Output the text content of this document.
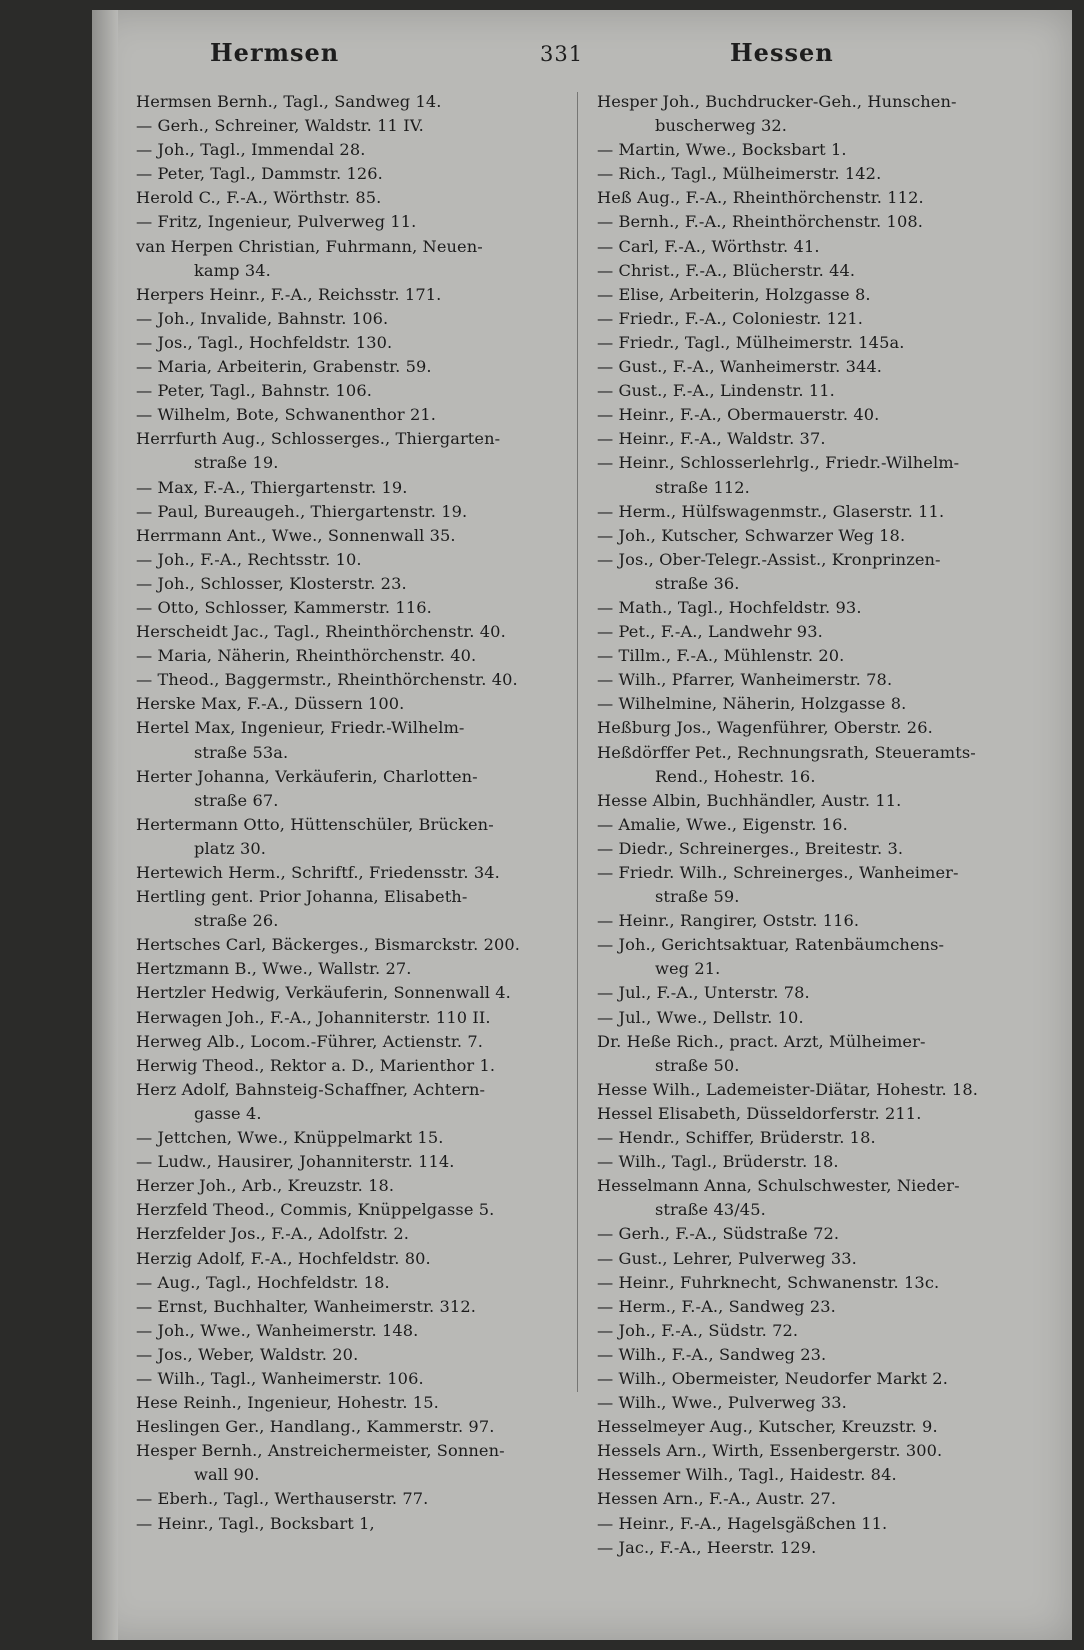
Hermsen	331	Hessen
Hermsen Bernh., Tagl., Sandweg 14.
— Gerh., Schreiner, Waldstr. 11 IV.
— Joh., Tagl., Immendal 28.
— Peter, Tagl., Dammstr. 126.
Herold C., F.-A., Wörthstr. 85.
— Fritz, Ingenieur, Pulverweg 11.
van Herpen Christian, Fuhrmann, Neuen-
kamp 34.
Herpers Heinr., F.-A., Reichsstr. 171.
— Joh., Invalide, Bahnstr. 106.
— Jos., Tagl., Hochfeldstr. 130.
— Maria, Arbeiterin, Grabenstr. 59.
— Peter, Tagl., Bahnstr. 106.
— Wilhelm, Bote, Schwanenthor 21.
Herrfurth Aug., Schlosserges., Thiergarten-
straße 19.
— Max, F.-A., Thiergartenstr. 19.
— Paul, Bureaugeh., Thiergartenstr. 19.
Herrmann Ant., Wwe., Sonnenwall 35.
— Joh., F.-A., Rechtsstr. 10.
— Joh., Schlosser, Klosterstr. 23.
— Otto, Schlosser, Kammerstr. 116.
Herscheidt Jac., Tagl., Rheinthörchenstr. 40.
— Maria, Näherin, Rheinthörchenstr. 40.
— Theod., Baggermstr., Rheinthörchenstr. 40.
Herske Max, F.-A., Düssern 100.
Hertel Max, Ingenieur, Friedr.-Wilhelm-
straße 53a.
Herter Johanna, Verkäuferin, Charlotten-
straße 67.
Hertermann Otto, Hüttenschüler, Brücken-
platz 30.
Hertewich Herm., Schriftf., Friedensstr. 34.
Hertling gent. Prior Johanna, Elisabeth-
straße 26.
Hertsches Carl, Bäckerges., Bismarckstr. 200.
Hertzmann B., Wwe., Wallstr. 27.
Hertzler Hedwig, Verkäuferin, Sonnenwall 4.
Herwagen Joh., F.-A., Johanniterstr. 110 II.
Herweg Alb., Locom.-Führer, Actienstr. 7.
Herwig Theod., Rektor a. D., Marienthor 1.
Herz Adolf, Bahnsteig-Schaffner, Achtern-
gasse 4.
— Jettchen, Wwe., Knüppelmarkt 15.
— Ludw., Hausirer, Johanniterstr. 114.
Herzer Joh., Arb., Kreuzstr. 18.
Herzfeld Theod., Commis, Knüppelgasse 5.
Herzfelder Jos., F.-A., Adolfstr. 2.
Herzig Adolf, F.-A., Hochfeldstr. 80.
— Aug., Tagl., Hochfeldstr. 18.
— Ernst, Buchhalter, Wanheimerstr. 312.
— Joh., Wwe., Wanheimerstr. 148.
— Jos., Weber, Waldstr. 20.
— Wilh., Tagl., Wanheimerstr. 106.
Hese Reinh., Ingenieur, Hohestr. 15.
Heslingen Ger., Handlang., Kammerstr. 97.
Hesper Bernh., Anstreichermeister, Sonnen-
wall 90.
— Eberh., Tagl., Werthauserstr. 77.
— Heinr., Tagl., Bocksbart 1,
Hesper Joh., Buchdrucker-Geh., Hunschen-
buscherweg 32.
— Martin, Wwe., Bocksbart 1.
— Rich., Tagl., Mülheimerstr. 142.
Heß Aug., F.-A., Rheinthörchenstr. 112.
— Bernh., F.-A., Rheinthörchenstr. 108.
— Carl, F.-A., Wörthstr. 41.
— Christ., F.-A., Blücherstr. 44.
— Elise, Arbeiterin, Holzgasse 8.
— Friedr., F.-A., Coloniestr. 121.
— Friedr., Tagl., Mülheimerstr. 145a.
— Gust., F.-A., Wanheimerstr. 344.
— Gust., F.-A., Lindenstr. 11.
— Heinr., F.-A., Obermauerstr. 40.
— Heinr., F.-A., Waldstr. 37.
— Heinr., Schlosserlehrlg., Friedr.-Wilhelm-
straße 112.
— Herm., Hülfswagenmstr., Glaserstr. 11.
— Joh., Kutscher, Schwarzer Weg 18.
— Jos., Ober-Telegr.-Assist., Kronprinzen-
straße 36.
— Math., Tagl., Hochfeldstr. 93.
— Pet., F.-A., Landwehr 93.
— Tillm., F.-A., Mühlenstr. 20.
— Wilh., Pfarrer, Wanheimerstr. 78.
— Wilhelmine, Näherin, Holzgasse 8.
Heßburg Jos., Wagenführer, Oberstr. 26.
Heßdörffer Pet., Rechnungsrath, Steueramts-
Rend., Hohestr. 16.
Hesse Albin, Buchhändler, Austr. 11.
— Amalie, Wwe., Eigenstr. 16.
— Diedr., Schreinerges., Breitestr. 3.
— Friedr. Wilh., Schreinerges., Wanheimer-
straße 59.
— Heinr., Rangirer, Oststr. 116.
— Joh., Gerichtsaktuar, Ratenbäumchens-
weg 21.
— Jul., F.-A., Unterstr. 78.
— Jul., Wwe., Dellstr. 10.
Dr. Heße Rich., pract. Arzt, Mülheimer-
straße 50.
Hesse Wilh., Lademeister-Diätar, Hohestr. 18.
Hessel Elisabeth, Düsseldorferstr. 211.
— Hendr., Schiffer, Brüderstr. 18.
— Wilh., Tagl., Brüderstr. 18.
Hesselmann Anna, Schulschwester, Nieder-
straße 43/45.
— Gerh., F.-A., Südstraße 72.
— Gust., Lehrer, Pulverweg 33.
— Heinr., Fuhrknecht, Schwanenstr. 13c.
— Herm., F.-A., Sandweg 23.
— Joh., F.-A., Südstr. 72.
— Wilh., F.-A., Sandweg 23.
— Wilh., Obermeister, Neudorfer Markt 2.
— Wilh., Wwe., Pulverweg 33.
Hesselmeyer Aug., Kutscher, Kreuzstr. 9.
Hessels Arn., Wirth, Essenbergerstr. 300.
Hessemer Wilh., Tagl., Haidestr. 84.
Hessen Arn., F.-A., Austr. 27.
— Heinr., F.-A., Hagelsgäßchen 11.
— Jac., F.-A., Heerstr. 129.
